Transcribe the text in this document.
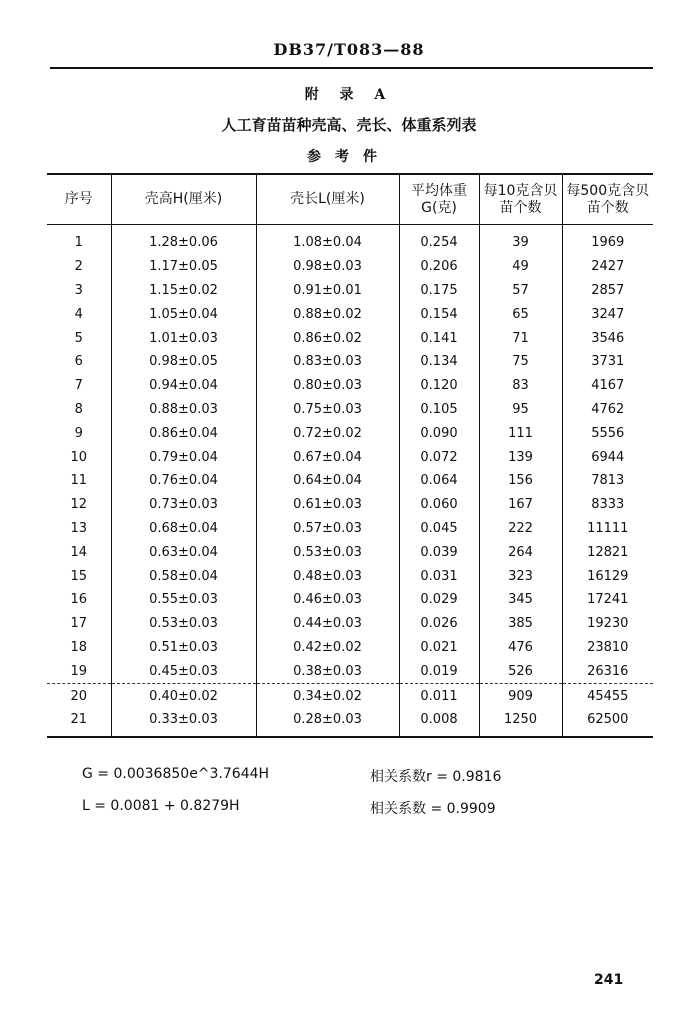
DB37/T083—88
附 录 A
人工育苗苗种壳高、壳长、体重系列表
参考件
序号	壳高H(厘米)	壳长L(厘米)	平均体重G(克)	每10克含贝苗个数	每500克含贝苗个数
1	1.28±0.06	1.08±0.04	0.254	39	1969
2	1.17±0.05	0.98±0.03	0.206	49	2427
3	1.15±0.02	0.91±0.01	0.175	57	2857
4	1.05±0.04	0.88±0.02	0.154	65	3247
5	1.01±0.03	0.86±0.02	0.141	71	3546
6	0.98±0.05	0.83±0.03	0.134	75	3731
7	0.94±0.04	0.80±0.03	0.120	83	4167
8	0.88±0.03	0.75±0.03	0.105	95	4762
9	0.86±0.04	0.72±0.02	0.090	111	5556
10	0.79±0.04	0.67±0.04	0.072	139	6944
11	0.76±0.04	0.64±0.04	0.064	156	7813
12	0.73±0.03	0.61±0.03	0.060	167	8333
13	0.68±0.04	0.57±0.03	0.045	222	11111
14	0.63±0.04	0.53±0.03	0.039	264	12821
15	0.58±0.04	0.48±0.03	0.031	323	16129
16	0.55±0.03	0.46±0.03	0.029	345	17241
17	0.53±0.03	0.44±0.03	0.026	385	19230
18	0.51±0.03	0.42±0.02	0.021	476	23810
19	0.45±0.03	0.38±0.03	0.019	526	26316
20	0.40±0.02	0.34±0.02	0.011	909	45455
21	0.33±0.03	0.28±0.03	0.008	1250	62500
G = 0.0036850e^3.7644H	相关系数r = 0.9816
L = 0.0081 + 0.8279H	相关系数 = 0.9909
241
